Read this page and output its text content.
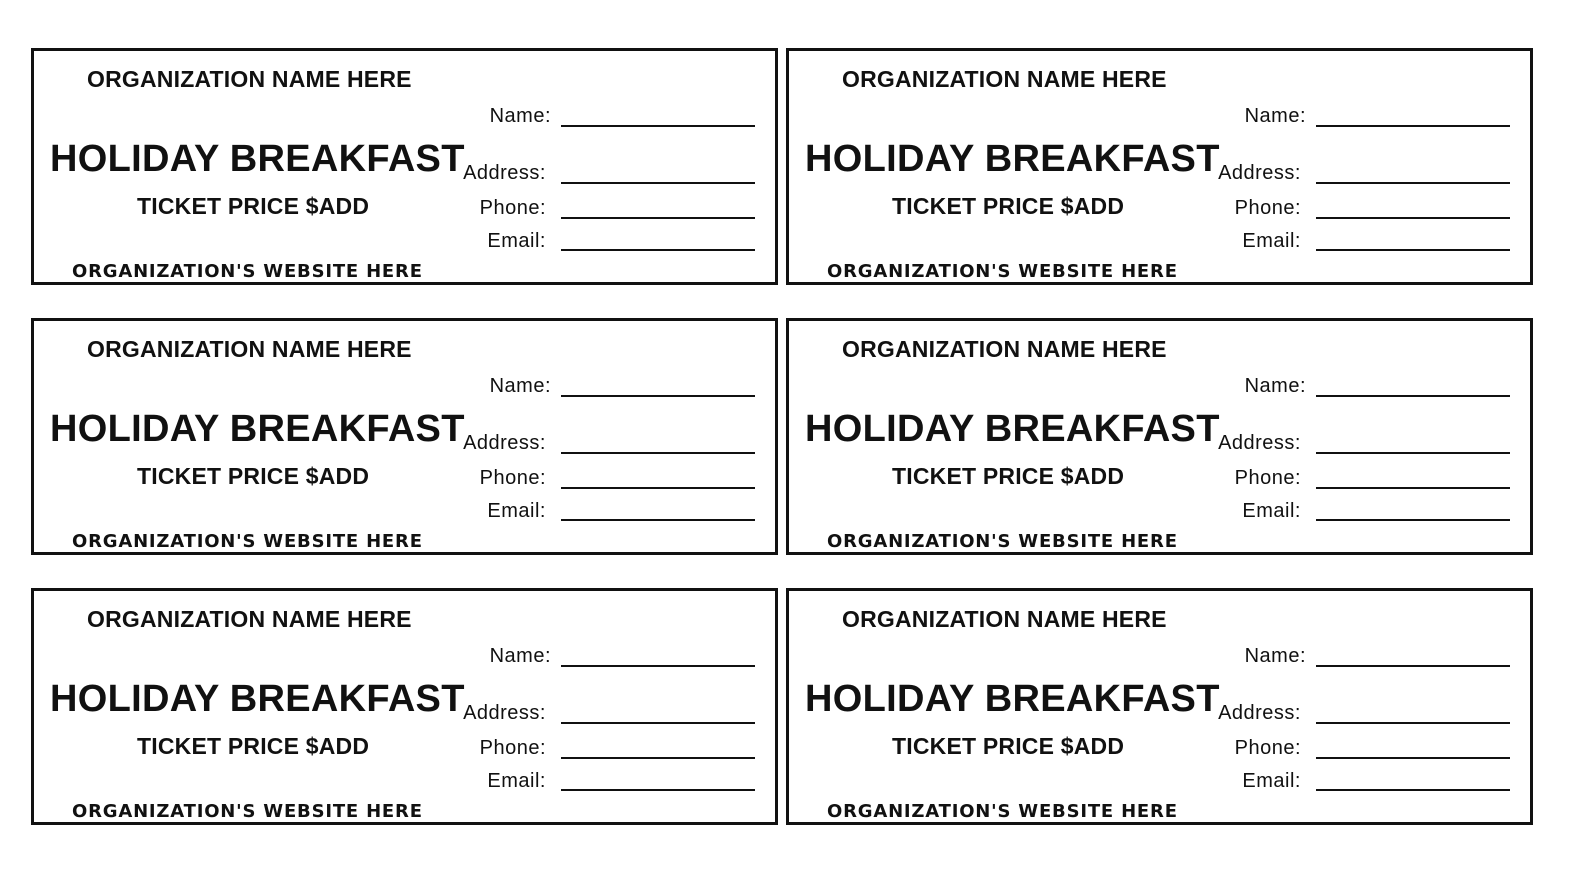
ORGANIZATION NAME HERE
HOLIDAY BREAKFAST
TICKET PRICE $ADD
ORGANIZATION'S WEBSITE HERE
Name:
Address:
Phone:
Email:
ORGANIZATION NAME HERE
HOLIDAY BREAKFAST
TICKET PRICE $ADD
ORGANIZATION'S WEBSITE HERE
Name:
Address:
Phone:
Email:
ORGANIZATION NAME HERE
HOLIDAY BREAKFAST
TICKET PRICE $ADD
ORGANIZATION'S WEBSITE HERE
Name:
Address:
Phone:
Email:
ORGANIZATION NAME HERE
HOLIDAY BREAKFAST
TICKET PRICE $ADD
ORGANIZATION'S WEBSITE HERE
Name:
Address:
Phone:
Email:
ORGANIZATION NAME HERE
HOLIDAY BREAKFAST
TICKET PRICE $ADD
ORGANIZATION'S WEBSITE HERE
Name:
Address:
Phone:
Email:
ORGANIZATION NAME HERE
HOLIDAY BREAKFAST
TICKET PRICE $ADD
ORGANIZATION'S WEBSITE HERE
Name:
Address:
Phone:
Email:
